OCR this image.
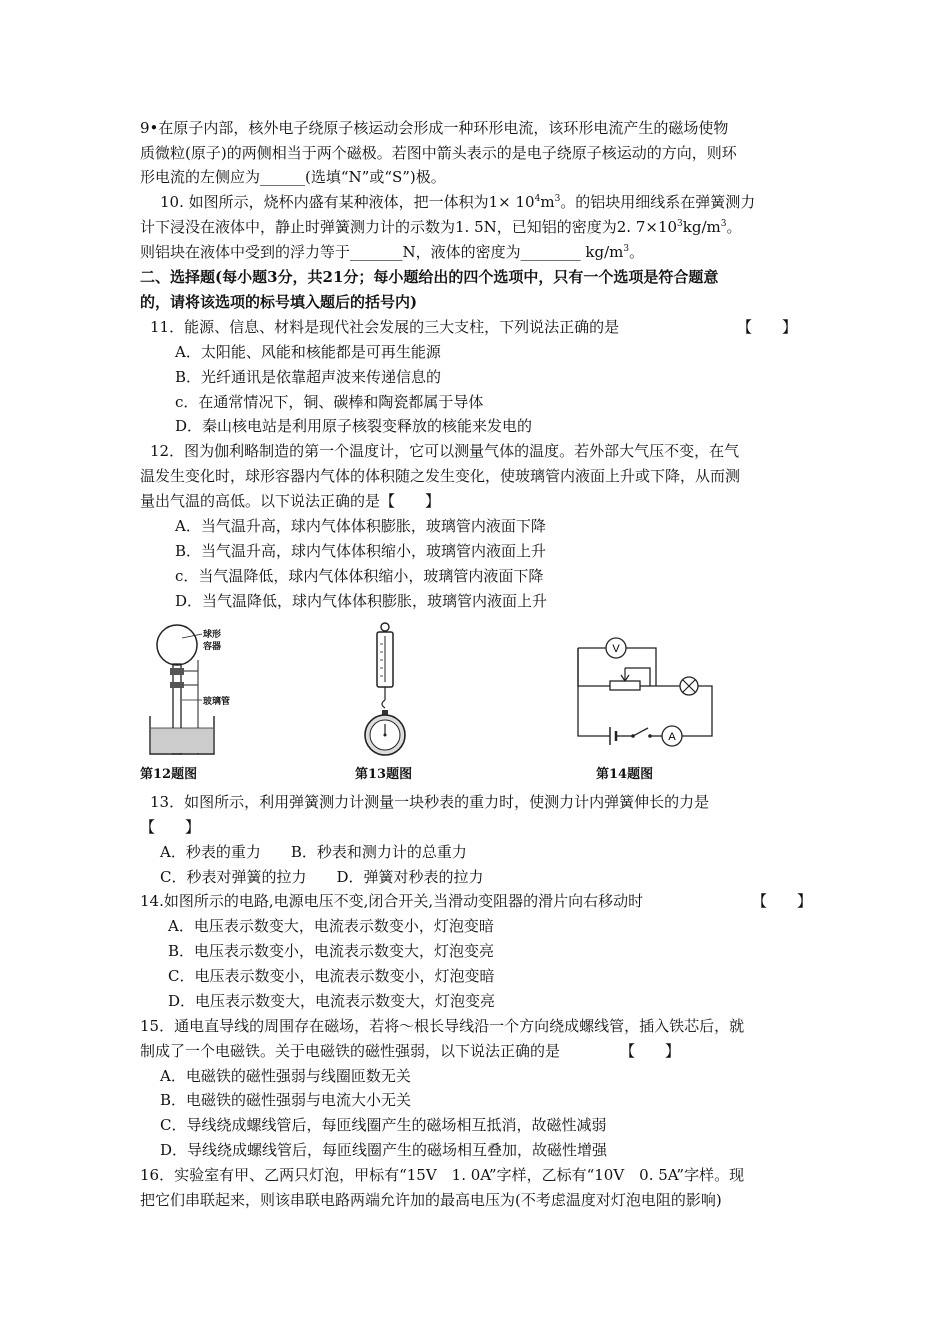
9•在原子内部，核外电子绕原子核运动会形成一种环形电流，该环形电流产生的磁场使物
质微粒(原子)的两侧相当于两个磁极。若图中箭头表示的是电子绕原子核运动的方向，则环
形电流的左侧应为______(选填“N”或“S”)极。
10. 如图所示，烧杯内盛有某种液体，把一体积为$1\times 10^4m^3$。的铝块用细线系在弹簧测力
计下浸没在液体中，静止时弹簧测力计的示数为1. 5N，已知铝的密度为2. $7\times 10^3kg/m^3$。
则铝块在液体中受到的浮力等于_______N，液体的密度为________ $kg/m^3$。
二、选择题(每小题3分，共21分；每小题给出的四个选项中，只有一个选项是符合题意
的，请将该选项的标号填入题后的括号内)
11．能源、信息、材料是现代社会发展的三大支柱，下列说法正确的是	【　　】
A．太阳能、风能和核能都是可再生能源
B．光纤通讯是依靠超声波来传递信息的
c．在通常情况下，铜、碳棒和陶瓷都属于导体
D．秦山核电站是利用原子核裂变释放的核能来发电的
12．图为伽利略制造的第一个温度计，它可以测量气体的温度。若外部大气压不变，在气
温发生变化时，球形容器内气体的体积随之发生变化，使玻璃管内液面上升或下降，从而测
量出气温的高低。以下说法正确的是【　　】
A．当气温升高，球内气体体积膨胀，玻璃管内液面下降
B．当气温升高，球内气体体积缩小，玻璃管内液面上升
c．当气温降低，球内气体体积缩小，玻璃管内液面下降
D．当气温降低，球内气体体积膨胀，玻璃管内液面上升
球形
容器
玻璃管
第12题图	第13题图
V
A
第14题图
13．如图所示，利用弹簧测力计测量一块秒表的重力时，使测力计内弹簧伸长的力是
【　　】
A．秒表的重力　　B．秒表和测力计的总重力
C．秒表对弹簧的拉力　　D．弹簧对秒表的拉力
14.如图所示的电路,电源电压不变,闭合开关,当滑动变阻器的滑片向右移动时	【　　】
A．电压表示数变大，电流表示数变小，灯泡变暗
B．电压表示数变小，电流表示数变大，灯泡变亮
C．电压表示数变小，电流表示数变小，灯泡变暗
D．电压表示数变大，电流表示数变大，灯泡变亮
15．通电直导线的周围存在磁场，若将～根长导线沿一个方向绕成螺线管，插入铁芯后，就
制成了一个电磁铁。关于电磁铁的磁性强弱，以下说法正确的是	【　　】
A．电磁铁的磁性强弱与线圈匝数无关
B．电磁铁的磁性强弱与电流大小无关
C．导线绕成螺线管后，每匝线圈产生的磁场相互抵消，故磁性减弱
D．导线绕成螺线管后，每匝线圈产生的磁场相互叠加，故磁性增强
16．实验室有甲、乙两只灯泡，甲标有“15V　1. 0A”字样，乙标有“10V　0. 5A”字样。现
把它们串联起来，则该串联电路两端允许加的最高电压为(不考虑温度对灯泡电阻的影响)
